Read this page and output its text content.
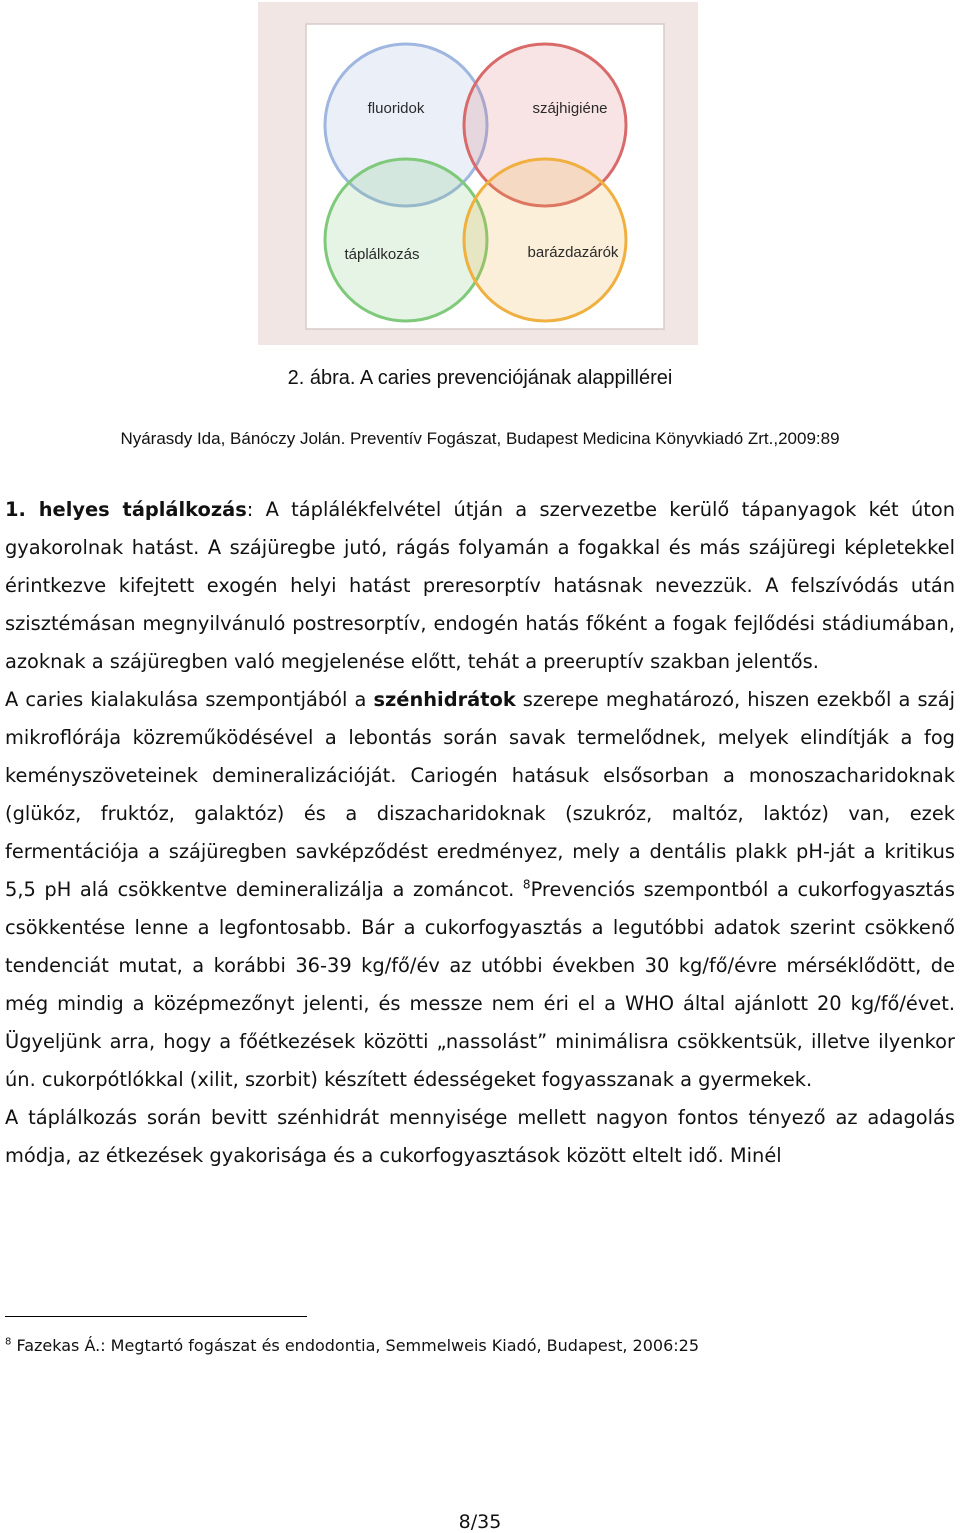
fluoridok	szájhigiéne
táplálkozás	barázdazárók
2. ábra. A caries prevenciójának alappillérei
Nyárasdy Ida, Bánóczy Jolán. Preventív Fogászat, Budapest Medicina Könyvkiadó Zrt.,2009:89

1. helyes táplálkozás: A táplálékfelvétel útján a szervezetbe kerülő tápanyagok két úton gyakorolnak hatást. A szájüregbe jutó, rágás folyamán a fogakkal és más szájüregi képletekkel érintkezve kifejtett exogén helyi hatást preresorptív hatásnak nevezzük. A felszívódás után szisztémásan megnyilvánuló postresorptív, endogén hatás főként a fogak fejlődési stádiumában, azoknak a szájüregben való megjelenése előtt, tehát a preeruptív szakban jelentős.

A caries kialakulása szempontjából a szénhidrátok szerepe meghatározó, hiszen ezekből a száj mikroflórája közreműködésével a lebontás során savak termelődnek, melyek elindítják a fog keményszöveteinek demineralizációját. Cariogén hatásuk elsősorban a monoszacharidoknak (glükóz, fruktóz, galaktóz) és a diszacharidoknak (szukróz, maltóz, laktóz) van, ezek fermentációja a szájüregben savképződést eredményez, mely a dentális plakk pH-ját a kritikus 5,5 pH alá csökkentve demineralizálja a zománcot. $^8$Prevenciós szempontból a cukorfogyasztás csökkentése lenne a legfontosabb. Bár a cukorfogyasztás a legutóbbi adatok szerint csökkenő tendenciát mutat, a korábbi 36-39 kg/fő/év az utóbbi években 30 kg/fő/évre mérséklődött, de még mindig a középmezőnyt jelenti, és messze nem éri el a WHO által ajánlott 20 kg/fő/évet. Ügyeljünk arra, hogy a főétkezések közötti „nassolást” minimálisra csökkentsük, illetve ilyenkor ún. cukorpótlókkal (xilit, szorbit) készített édességeket fogyasszanak a gyermekek.

A táplálkozás során bevitt szénhidrát mennyisége mellett nagyon fontos tényező az adagolás módja, az étkezések gyakorisága és a cukorfogyasztások között eltelt idő. Minél

$^8$ Fazekas Á.: Megtartó fogászat és endodontia, Semmelweis Kiadó, Budapest, 2006:25
8/35
